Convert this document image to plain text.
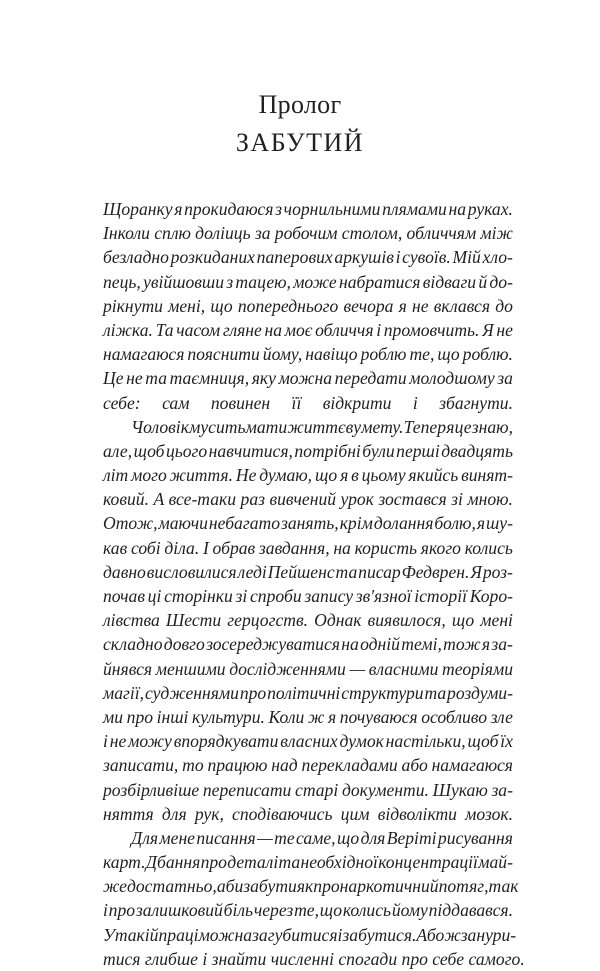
Пролог
ЗАБУТИЙ
Щоранку я прокидаюся з чорнильними плямами на руках.
Інколи сплю доліиць за робочим столом, обличчям між
безладно розкиданих паперових аркушів і сувоїв. Мій хло-
пець, увійшовши з тацею, може набратися відваги й до-
рікнути мені, що попереднього вечора я не вклався до
ліжка. Та часом гляне на моє обличчя і промовчить. Я не
намагаюся пояснити йому, навіщо роблю те, що роблю.
Це не та таємниця, яку можна передати молодшому за
себе: сам повинен її відкрити і збагнути.
Чоловік мусить мати життєву мету. Тепер я це знаю,
але, щоб цього навчитися, потрібні були перші двадцять
літ мого життя. Не думаю, що я в цьому якийсь винят-
ковий. А все-таки раз вивчений урок зостався зі мною.
Отож, маючи небагато занять, крім долання болю, я шу-
кав собі діла. І обрав завдання, на користь якого колись
давно висловилися леді Пейшенс та писар Федврен. Я роз-
почав ці сторінки зі спроби запису зв'язної історії Коро-
лівства Шести герцогств. Однак виявилося, що мені
складно довго зосереджуватися на одній темі, тож я за-
йнявся меншими дослідженнями — власними теоріями
магії, судженнями про політичні структури та роздуми-
ми про інші культури. Коли ж я почуваюся особливо зле
і не можу впорядкувати власних думок настільки, щоб їх
записати, то працюю над перекладами або намагаюся
розбірливіше переписати старі документи. Шукаю за-
няття для рук, сподіваючись цим відволікти мозок.
Для мене писання — те саме, що для Веріті рисування
карт. Дбання про деталі та необхідної концентрації май-
же достатньо, аби забути як про наркотичний потяг, так
і про залишковий біль через те, що колись йому піддавався.
У такій праці можна загубитися і забутися. Або ж занури-
тися глибше і знайти численні спогади про себе самого.
